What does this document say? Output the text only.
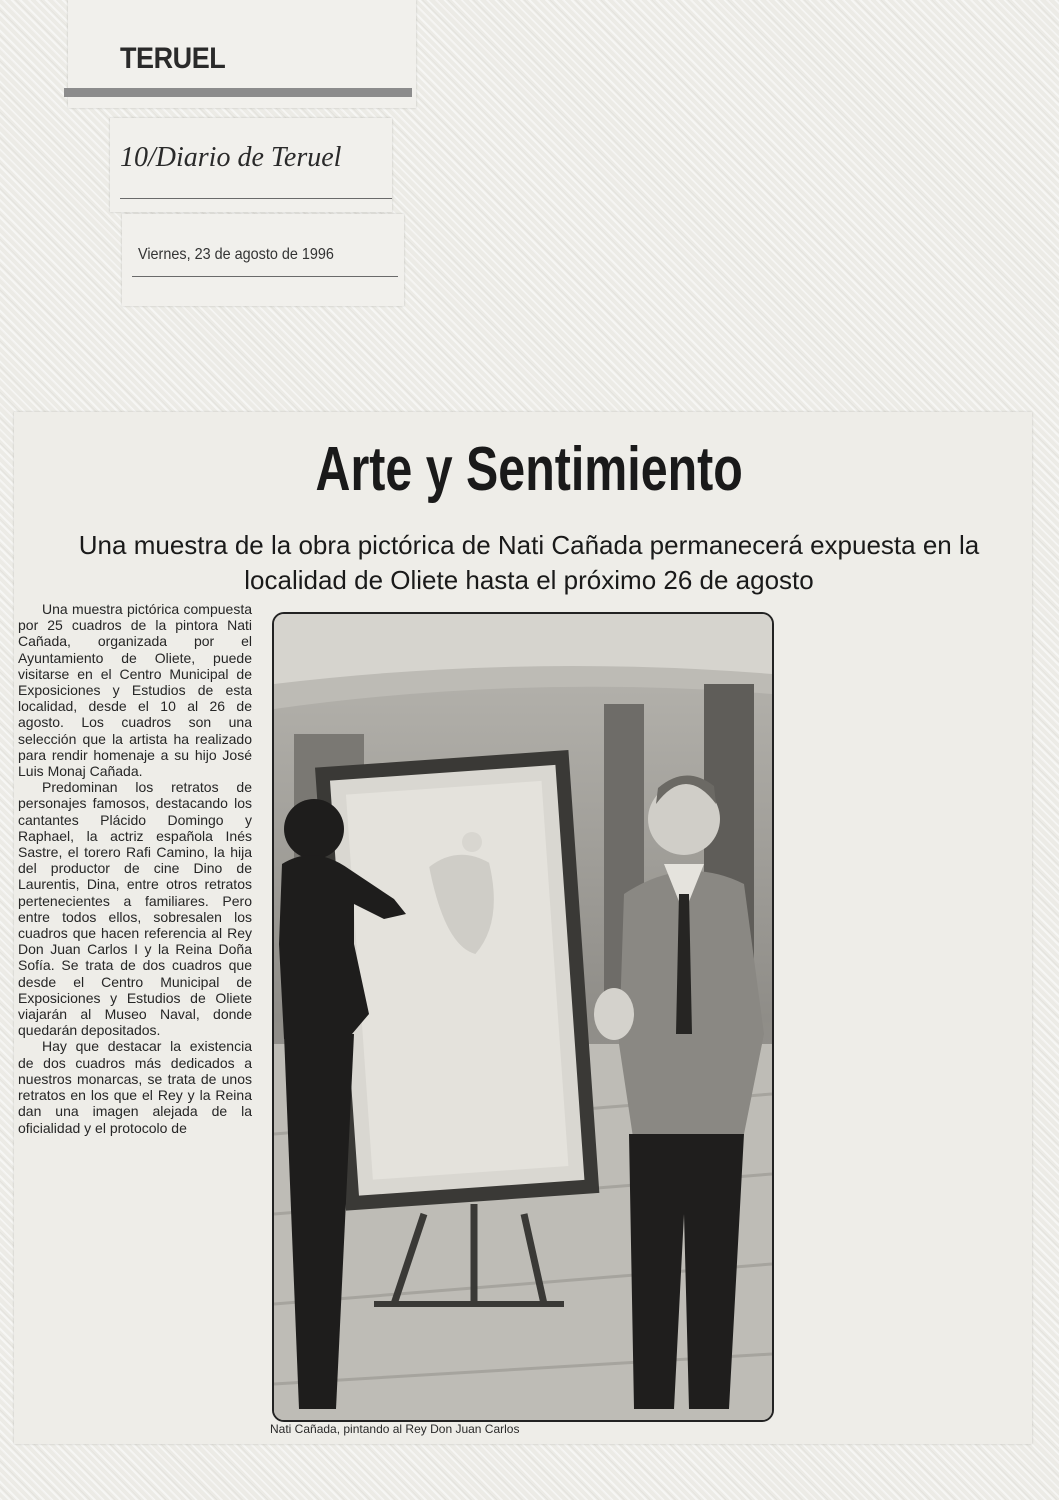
TERUEL
10/Diario de Teruel
Viernes, 23 de agosto de 1996
Arte y Sentimiento

Una muestra de la obra pictórica de Nati Cañada permanecerá expuesta en la localidad de Oliete hasta el próximo 26 de agosto

Una muestra pictórica compuesta por 25 cuadros de la pintora Nati Cañada, organizada por el Ayuntamiento de Oliete, puede visitarse en el Centro Municipal de Exposiciones y Estudios de esta localidad, desde el 10 al 26 de agosto. Los cuadros son una selección que la artista ha realizado para rendir homenaje a su hijo José Luis Monaj Cañada.

Predominan los retratos de personajes famosos, destacando los cantantes Plácido Domingo y Raphael, la actriz española Inés Sastre, el torero Rafi Camino, la hija del productor de cine Dino de Laurentis, Dina, entre otros retratos pertenecientes a familiares. Pero entre todos ellos, sobresalen los cuadros que hacen referencia al Rey Don Juan Carlos I y la Reina Doña Sofía. Se trata de dos cuadros que desde el Centro Municipal de Exposiciones y Estudios de Oliete viajarán al Museo Naval, donde quedarán depositados.

Hay que destacar la existencia de dos cuadros más dedicados a nuestros monarcas, se trata de unos retratos en los que el Rey y la Reina dan una imagen alejada de la oficialidad y el protocolo de

Nati Cañada, pintando al Rey Don Juan Carlos
